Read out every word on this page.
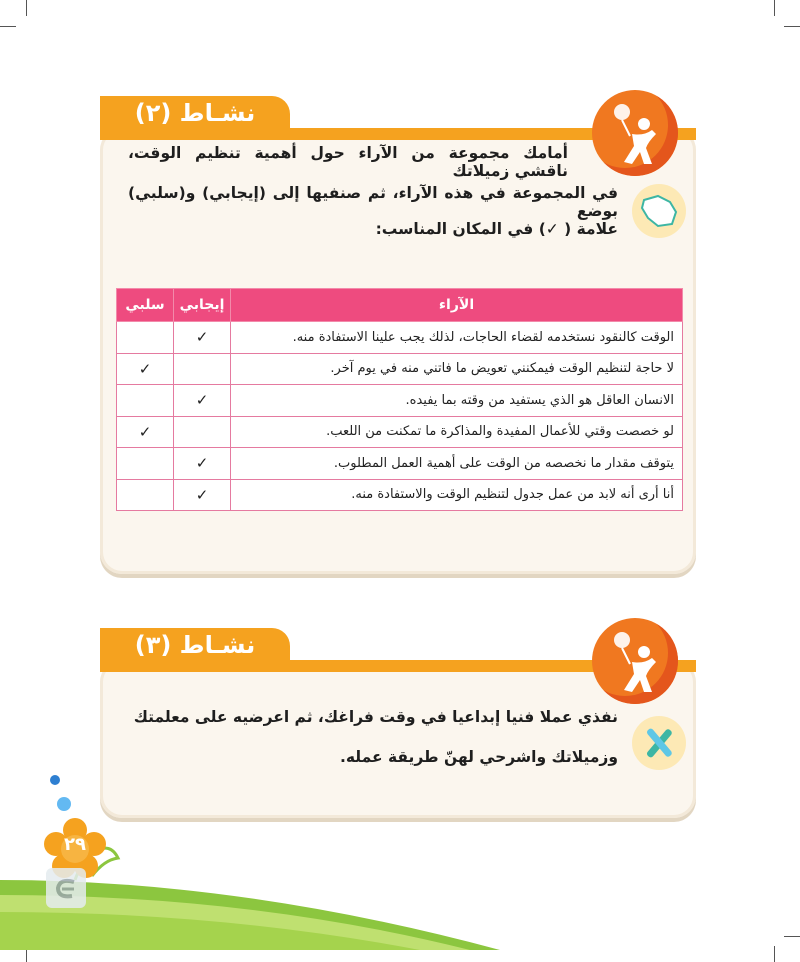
نشـاط (٢)
أمامك مجموعة من الآراء حول أهمية تنظيم الوقت، ناقشي زميلاتك
في المجموعة في هذه الآراء، ثم صنفيها إلى (إيجابي) و(سلبي) بوضع
علامة ( ✓) في المكان المناسب:
الآراء	إيجابي	سلبي
الوقت كالنقود نستخدمه لقضاء الحاجات، لذلك يجب علينا الاستفادة منه.	✓	
لا حاجة لتنظيم الوقت فيمكنني تعويض ما فاتني منه في يوم آخر.		✓
الانسان العاقل هو الذي يستفيد من وقته بما يفيده.	✓	
لو خصصت وقتي للأعمال المفيدة والمذاكرة ما تمكنت من اللعب.		✓
يتوقف مقدار ما نخصصه من الوقت على أهمية العمل المطلوب.	✓	
أنا أرى أنه لابد من عمل جدول لتنظيم الوقت والاستفادة منه.	✓	
نشـاط (٣)
نفذي عملا فنيا إبداعيا في وقت فراغك، ثم اعرضيه على معلمتك
وزميلاتك واشرحي لهنّ طريقة عمله.
٢٩
